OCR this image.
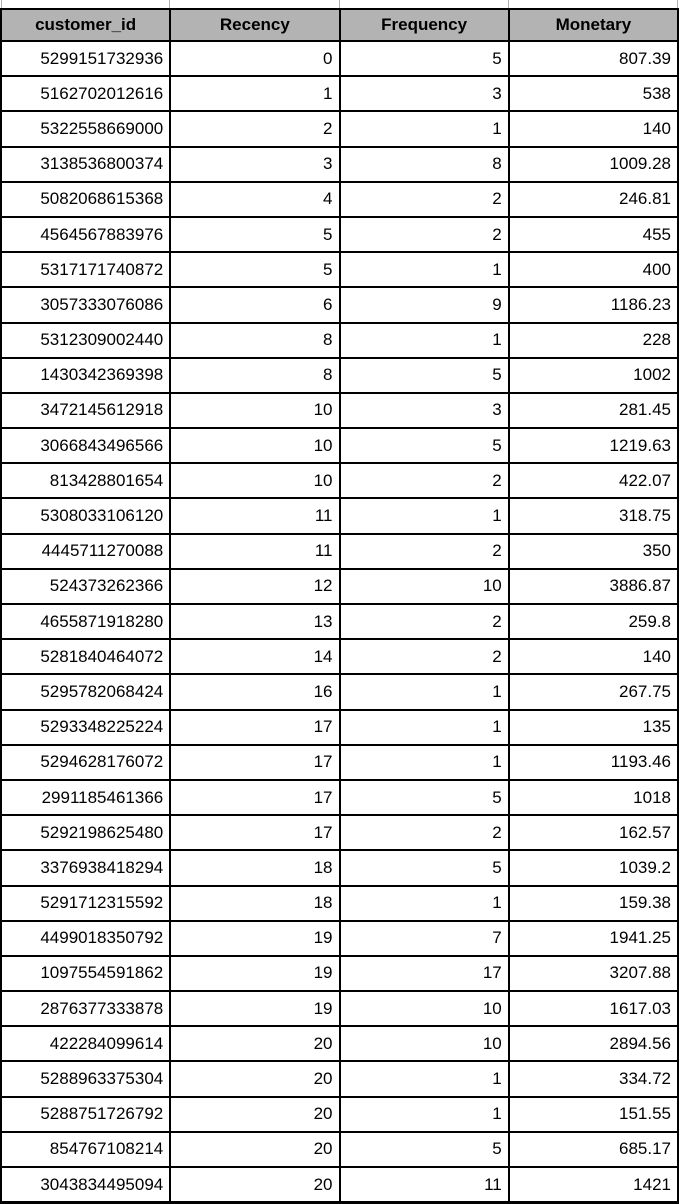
customer_id	Recency	Frequency	Monetary
5299151732936	0	5	807.39
5162702012616	1	3	538
5322558669000	2	1	140
3138536800374	3	8	1009.28
5082068615368	4	2	246.81
4564567883976	5	2	455
5317171740872	5	1	400
3057333076086	6	9	1186.23
5312309002440	8	1	228
1430342369398	8	5	1002
3472145612918	10	3	281.45
3066843496566	10	5	1219.63
813428801654	10	2	422.07
5308033106120	11	1	318.75
4445711270088	11	2	350
524373262366	12	10	3886.87
4655871918280	13	2	259.8
5281840464072	14	2	140
5295782068424	16	1	267.75
5293348225224	17	1	135
5294628176072	17	1	1193.46
2991185461366	17	5	1018
5292198625480	17	2	162.57
3376938418294	18	5	1039.2
5291712315592	18	1	159.38
4499018350792	19	7	1941.25
1097554591862	19	17	3207.88
2876377333878	19	10	1617.03
422284099614	20	10	2894.56
5288963375304	20	1	334.72
5288751726792	20	1	151.55
854767108214	20	5	685.17
3043834495094	20	11	1421
